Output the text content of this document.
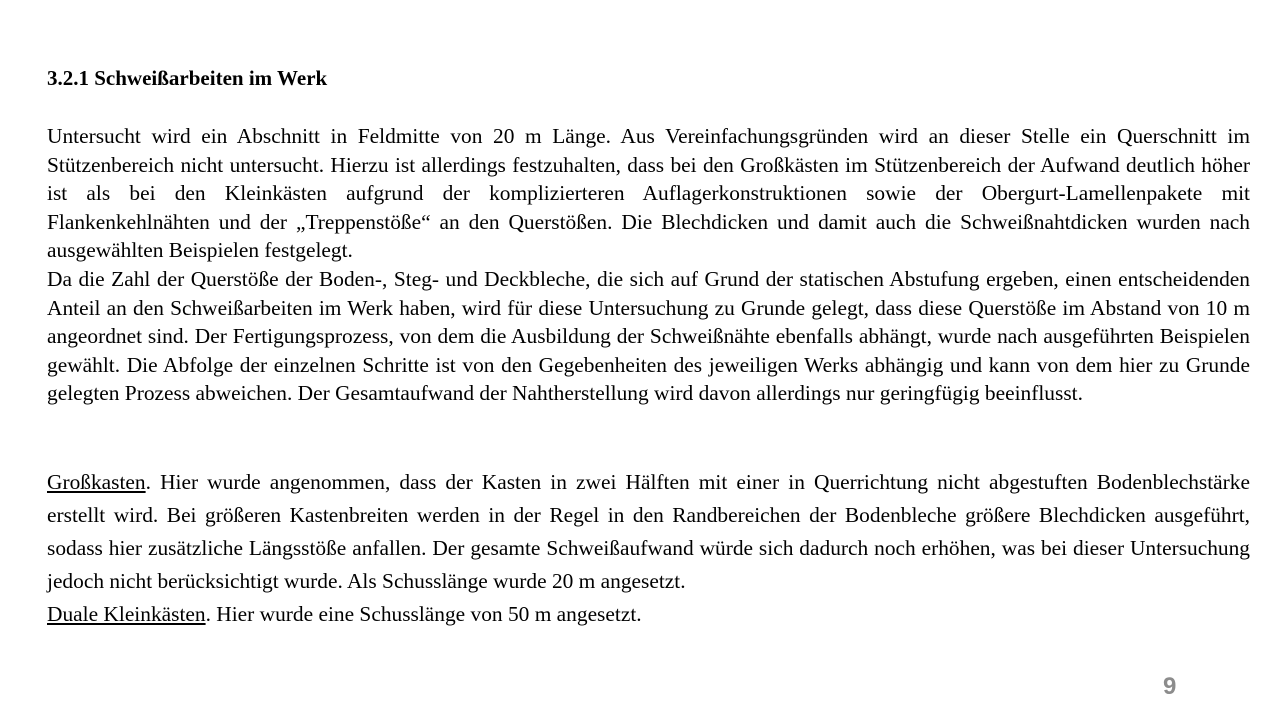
3.2.1 Schweißarbeiten im Werk

Untersucht wird ein Abschnitt in Feldmitte von 20 m Länge. Aus Vereinfachungsgründen wird an dieser Stelle ein Querschnitt im Stützenbereich nicht untersucht. Hierzu ist allerdings festzuhalten, dass bei den Großkästen im Stützenbereich der Aufwand deutlich höher ist als bei den Kleinkästen aufgrund der komplizierteren Auflagerkonstruktionen sowie der Obergurt-Lamellenpakete mit Flankenkehlnähten und der „Treppenstöße“ an den Querstößen. Die Blechdicken und damit auch die Schweißnahtdicken wurden nach ausgewählten Beispielen festgelegt.

Da die Zahl der Querstöße der Boden-, Steg- und Deckbleche, die sich auf Grund der statischen Abstufung ergeben, einen entscheidenden Anteil an den Schweißarbeiten im Werk haben, wird für diese Untersuchung zu Grunde gelegt, dass diese Querstöße im Abstand von 10 m angeordnet sind. Der Fertigungsprozess, von dem die Ausbildung der Schweißnähte ebenfalls abhängt, wurde nach ausgeführten Beispielen gewählt. Die Abfolge der einzelnen Schritte ist von den Gegebenheiten des jeweiligen Werks abhängig und kann von dem hier zu Grunde gelegten Prozess abweichen. Der Gesamtaufwand der Nahtherstellung wird davon allerdings nur geringfügig beeinflusst.

Großkasten. Hier wurde angenommen, dass der Kasten in zwei Hälften mit einer in Querrichtung nicht abgestuften Bodenblechstärke erstellt wird. Bei größeren Kastenbreiten werden in der Regel in den Randbereichen der Bodenbleche größere Blechdicken ausgeführt, sodass hier zusätzliche Längsstöße anfallen. Der gesamte Schweißaufwand würde sich dadurch noch erhöhen, was bei dieser Untersuchung jedoch nicht berücksichtigt wurde. Als Schusslänge wurde 20 m angesetzt.

Duale Kleinkästen. Hier wurde eine Schusslänge von 50 m angesetzt.

9
